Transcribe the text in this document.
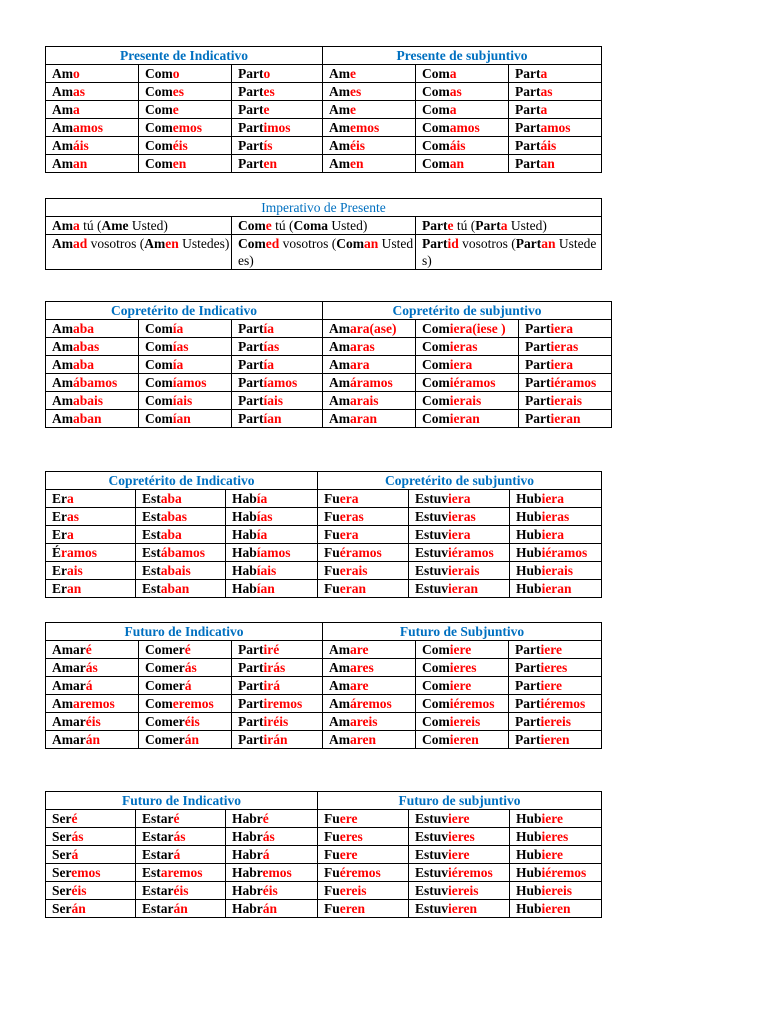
Presente de Indicativo			Presente de subjuntivo		
Amo	Como	Parto	Ame	Coma	Parta
Amas	Comes	Partes	Ames	Comas	Partas
Ama	Come	Parte	Ame	Coma	Parta
Amamos	Comemos	Partimos	Amemos	Comamos	Partamos
Amáis	Coméis	Partís	Améis	Comáis	Partáis
Aman	Comen	Parten	Amen	Coman	Partan
Imperativo de Presente		
Ama tú (Ame Usted)	Come tú (Coma Usted)	Parte tú (Parta Usted)
Amad vosotros (Amen Ustedes)	Comed vosotros (Coman Ustedes)	Partid vosotros (Partan Ustedes)
Copretérito de Indicativo			Copretérito de subjuntivo		
Amaba	Comía	Partía	Amara(ase)	Comiera(iese )	Partiera
Amabas	Comías	Partías	Amaras	Comieras	Partieras
Amaba	Comía	Partía	Amara	Comiera	Partiera
Amábamos	Comíamos	Partíamos	Amáramos	Comiéramos	Partiéramos
Amabais	Comíais	Partíais	Amarais	Comierais	Partierais
Amaban	Comían	Partían	Amaran	Comieran	Partieran
Copretérito de Indicativo			Copretérito de subjuntivo		
Era	Estaba	Había	Fuera	Estuviera	Hubiera
Eras	Estabas	Habías	Fueras	Estuvieras	Hubieras
Era	Estaba	Había	Fuera	Estuviera	Hubiera
Éramos	Estábamos	Habíamos	Fuéramos	Estuviéramos	Hubiéramos
Erais	Estabais	Habíais	Fuerais	Estuvierais	Hubierais
Eran	Estaban	Habían	Fueran	Estuvieran	Hubieran
Futuro de Indicativo			Futuro de Subjuntivo		
Amaré	Comeré	Partiré	Amare	Comiere	Partiere
Amarás	Comerás	Partirás	Amares	Comieres	Partieres
Amará	Comerá	Partirá	Amare	Comiere	Partiere
Amaremos	Comeremos	Partiremos	Amáremos	Comiéremos	Partiéremos
Amaréis	Comeréis	Partiréis	Amareis	Comiereis	Partiereis
Amarán	Comerán	Partirán	Amaren	Comieren	Partieren
Futuro de Indicativo			Futuro de subjuntivo		
Seré	Estaré	Habré	Fuere	Estuviere	Hubiere
Serás	Estarás	Habrás	Fueres	Estuvieres	Hubieres
Será	Estará	Habrá	Fuere	Estuviere	Hubiere
Seremos	Estaremos	Habremos	Fuéremos	Estuviéremos	Hubiéremos
Seréis	Estaréis	Habréis	Fuereis	Estuviereis	Hubiereis
Serán	Estarán	Habrán	Fueren	Estuvieren	Hubieren
